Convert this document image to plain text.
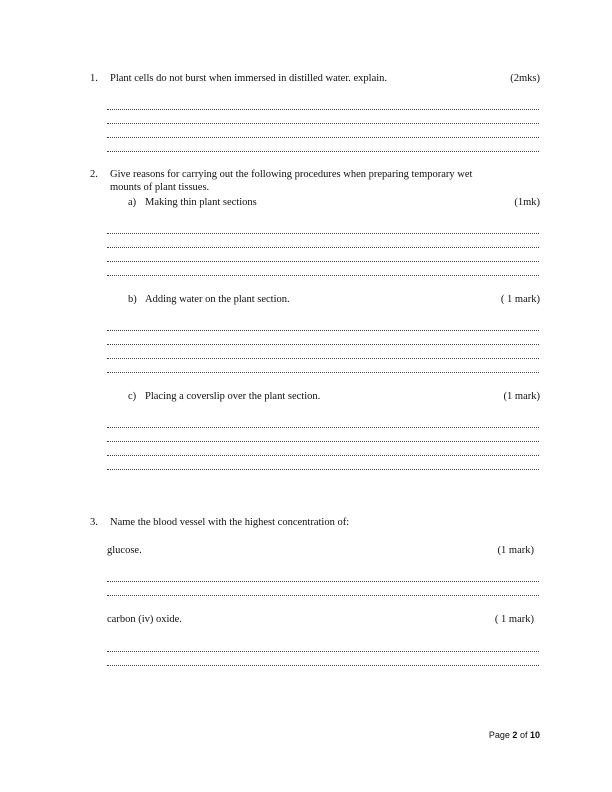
1. Plant cells do not burst when immersed in distilled water. explain.	(2mks)
2. Give reasons for carrying out the following procedures when preparing temporary wet
mounts of plant tissues.
a) Making thin plant sections	(1mk)
b) Adding water on the plant section.	( 1 mark)
c) Placing a coverslip over the plant section.	(1 mark)
3. Name the blood vessel with the highest concentration of:
glucose.	(1 mark)
carbon (iv) oxide.	( 1 mark)
Page 2 of 10
